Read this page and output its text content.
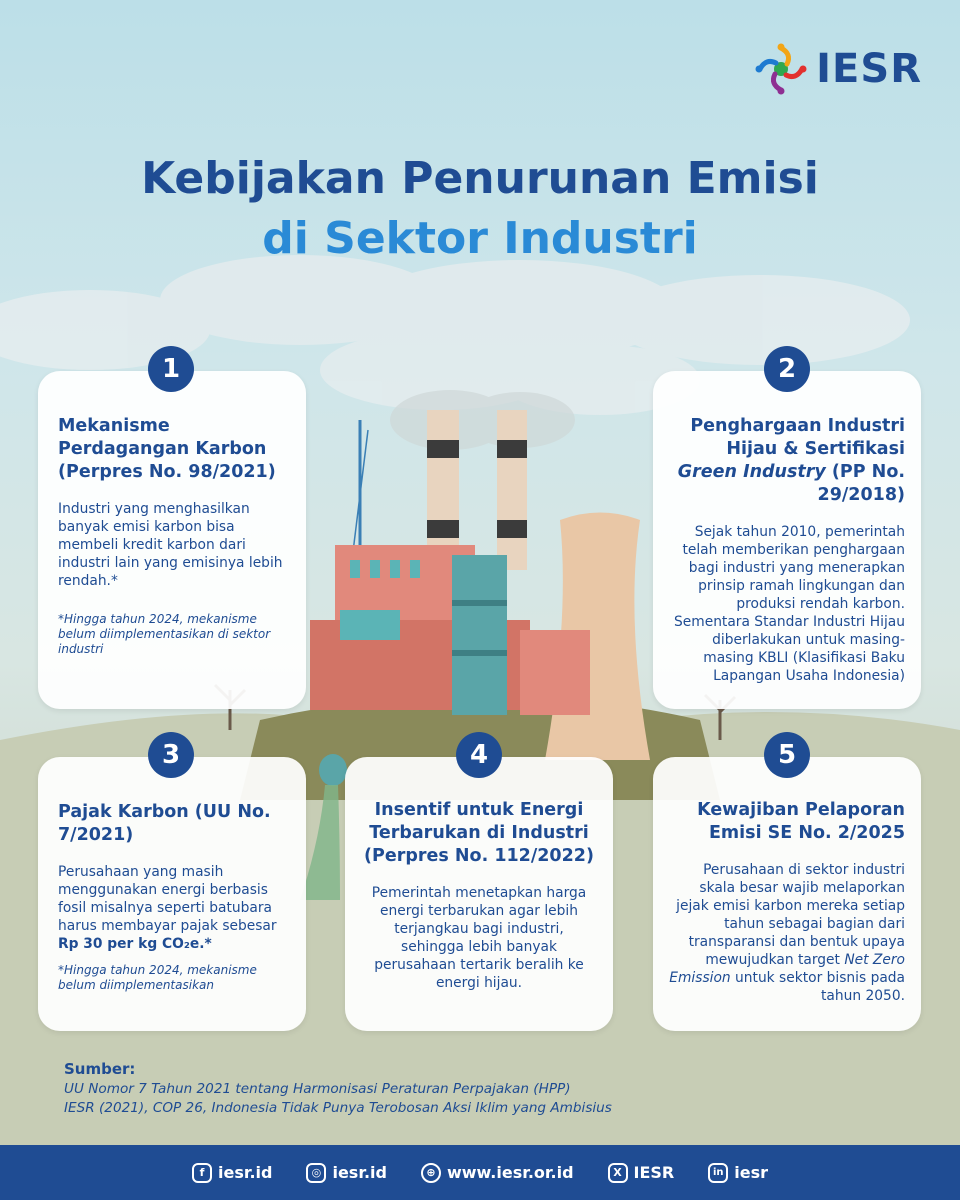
IESR
Kebijakan Penurunan Emisi
di Sektor Industri
Mekanisme Perdagangan Karbon (Perpres No. 98/2021)
Industri yang menghasilkan banyak emisi karbon bisa membeli kredit karbon dari industri lain yang emisinya lebih rendah.*
*Hingga tahun 2024, mekanisme belum diimplementasikan di sektor industri
1
Penghargaan Industri Hijau & Sertifikasi Green Industry (PP No. 29/2018)
Sejak tahun 2010, pemerintah telah memberikan penghargaan bagi industri yang menerapkan prinsip ramah lingkungan dan produksi rendah karbon. Sementara Standar Industri Hijau diberlakukan untuk masing-masing KBLI (Klasifikasi Baku Lapangan Usaha Indonesia)
2
Pajak Karbon (UU No. 7/2021)
Perusahaan yang masih menggunakan energi berbasis fosil misalnya seperti batubara harus membayar pajak sebesar Rp 30 per kg CO₂e.*
*Hingga tahun 2024, mekanisme belum diimplementasikan
3
Insentif untuk Energi Terbarukan di Industri (Perpres No. 112/2022)
Pemerintah menetapkan harga energi terbarukan agar lebih terjangkau bagi industri, sehingga lebih banyak perusahaan tertarik beralih ke energi hijau.
4
Kewajiban Pelaporan Emisi SE No. 2/2025
Perusahaan di sektor industri skala besar wajib melaporkan jejak emisi karbon mereka setiap tahun sebagai bagian dari transparansi dan bentuk upaya mewujudkan target Net Zero Emission untuk sektor bisnis pada tahun 2050.
5
Sumber:
UU Nomor 7 Tahun 2021 tentang Harmonisasi Peraturan Perpajakan (HPP)
IESR (2021), COP 26, Indonesia Tidak Punya Terobosan Aksi Iklim yang Ambisius
f iesr.id	◎ iesr.id	⊕ www.iesr.or.id	X IESR	in iesr
